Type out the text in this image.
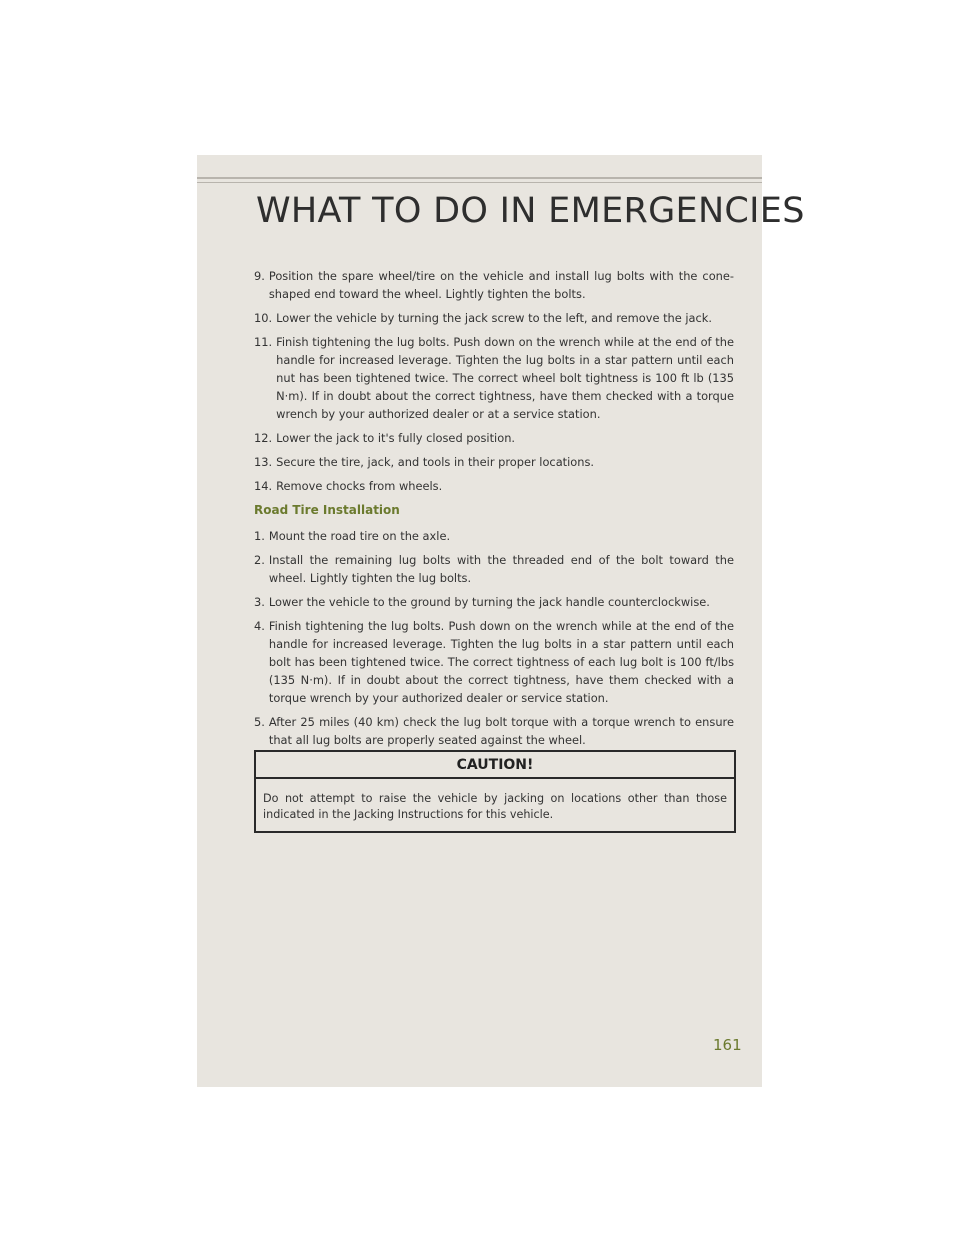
WHAT TO DO IN EMERGENCIES
9. Position the spare wheel/tire on the vehicle and install lug bolts with the cone-shaped end toward the wheel. Lightly tighten the bolts.
10. Lower the vehicle by turning the jack screw to the left, and remove the jack.
11. Finish tightening the lug bolts. Push down on the wrench while at the end of the handle for increased leverage. Tighten the lug bolts in a star pattern until each nut has been tightened twice. The correct wheel bolt tightness is 100 ft lb (135 N·m). If in doubt about the correct tightness, have them checked with a torque wrench by your authorized dealer or at a service station.
12. Lower the jack to it's fully closed position.
13. Secure the tire, jack, and tools in their proper locations.
14. Remove chocks from wheels.
Road Tire Installation
1. Mount the road tire on the axle.
2. Install the remaining lug bolts with the threaded end of the bolt toward the wheel. Lightly tighten the lug bolts.
3. Lower the vehicle to the ground by turning the jack handle counterclockwise.
4. Finish tightening the lug bolts. Push down on the wrench while at the end of the handle for increased leverage. Tighten the lug bolts in a star pattern until each bolt has been tightened twice. The correct tightness of each lug bolt is 100 ft/lbs (135 N·m). If in doubt about the correct tightness, have them checked with a torque wrench by your authorized dealer or service station.
5. After 25 miles (40 km) check the lug bolt torque with a torque wrench to ensure that all lug bolts are properly seated against the wheel.
CAUTION!
Do not attempt to raise the vehicle by jacking on locations other than those indicated in the Jacking Instructions for this vehicle.
161
